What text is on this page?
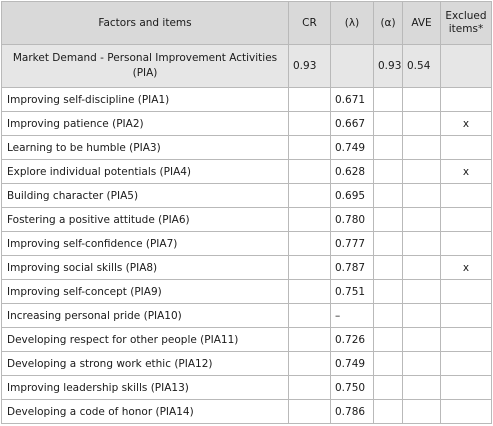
Factors and items	CR	(λ)	(α)	AVE	Exclued items*
Market Demand - Personal Improvement Activities (PIA)	0.93		0.93	0.54	
Improving self-discipline (PIA1)		0.671			
Improving patience (PIA2)		0.667			x
Learning to be humble (PIA3)		0.749			
Explore individual potentials (PIA4)		0.628			x
Building character (PIA5)		0.695			
Fostering a positive attitude (PIA6)		0.780			
Improving self-confidence (PIA7)		0.777			
Improving social skills (PIA8)		0.787			x
Improving self-concept (PIA9)		0.751			
Increasing personal pride (PIA10)		–			
Developing respect for other people (PIA11)		0.726			
Developing a strong work ethic (PIA12)		0.749			
Improving leadership skills (PIA13)		0.750			
Developing a code of honor (PIA14)		0.786			
